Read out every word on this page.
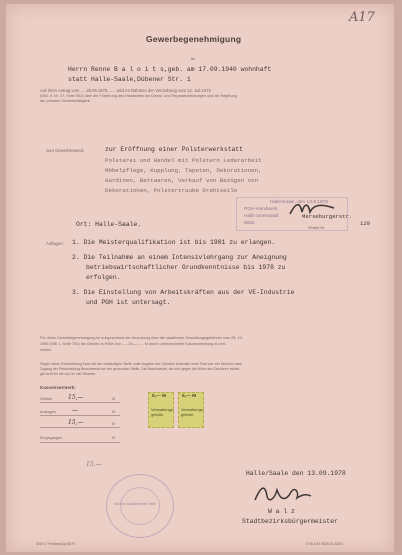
A17
Gewerbegenehmigung
für
Herrn Renne B a l o i t s,geb. am 17.09.1940 wohnhaft
statt Halle-Saale,Dübener Str. 1
Auf Ihren Antrag vom .....28.06.1978....... wird im Rahmen der Verordnung vom 12. Juli 1972
(GBl. II, Nr. 47, Seite 592) über die Förderung des Handwerks bei Dienst- und Reparaturleistungen und die Regelung
der privaten Gewerbetätigkeit
zum Gewerbezweck	zur Eröffnung einer Polsterwerkstatt
Polsterei und Handel mit Polstern Lederarbeit
Möbelpflege, Kupplung, Tapeten, Dekorationen,
Gardinen, Bettwaren, Verkauf von Bezügen von
Dekorationen, Polstertraube Drahtseile
Halle/Saale, den 13.9.1978
PGH-Handwerk
Halle Innenstadt
8082
Ort: Halle-Saale.
Merseburgerstr.
Straße Nr.
129
Auflagen: 1. Die Meisterqualifikation ist bis 1981 zu erlangen.
2. Die Teilnahme an einem Intensivlehrgang zur Aneignung
betriebswirtschaftlicher Grundkenntnisse bis 1978 zu
erfolgen.
3. Die Einstellung von Arbeitskräften aus der VE-Industrie
und PGH ist untersagt.
Für diese Gewerbegenehmigung ist entsprechend der Anordnung über die staatlichen Verwaltungsgebühren vom 28. 10.
1955 (GBl. I, Seite 781) die Gebühr in Höhe von ......15,—...... M durch unterzeichnete Kassenzeichung zu ent-
richten.
Gegen diese Entscheidung kann bei der zuständigen Stelle unter Angabe von Gründen innerhalb einer Frist von vier Wochen nach
Zugang der Entscheidung Beschwerde bei der genannten Stelle. Die Beschwerde, die sich gegen die Höhe der Gebühren richtet,
gilt nicht für die von ihr vier Wochen.
Kassenvermerk:
Gebühr	15,—	M
Auslagen	—	M
15,—	M
Eingegangen	M
15,—
5,— M
Verwaltungs-gebühr
5,— M
Verwaltungs-gebühr
Halle/Saale den 13.09.1978
Rat des Stadtbezirkes Halle
W a l z
Stadtbezirksbürgermeister
III/19 17 Ferdberg Ag 80/79	G 90-6 KE 8026 ID-22004
